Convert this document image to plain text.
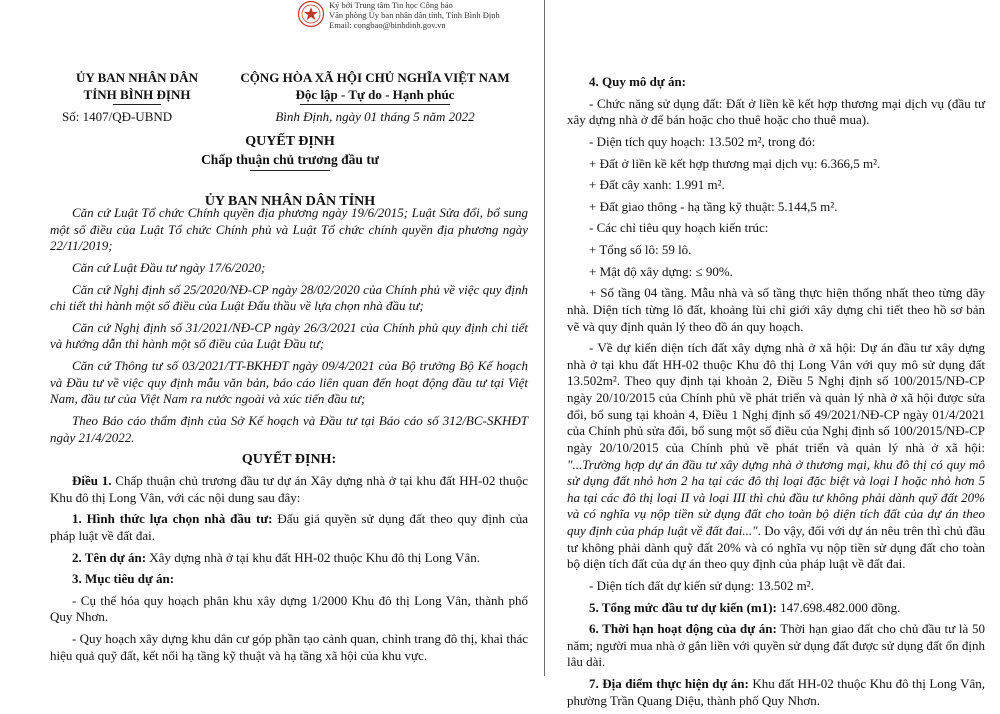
Ký bởi Trung tâm Tin học Công báo
Văn phòng Ủy ban nhân dân tỉnh, Tỉnh Bình Định
Email: congbao@binhdinh.gov.vn
ỦY BAN NHÂN DÂN
TỈNH BÌNH ĐỊNH
Số: 1407/QĐ-UBND
CỘNG HÒA XÃ HỘI CHỦ NGHĨA VIỆT NAM
Độc lập - Tự do - Hạnh phúc
Bình Định, ngày 01 tháng 5 năm 2022
QUYẾT ĐỊNH
Chấp thuận chủ trương đầu tư
ỦY BAN NHÂN DÂN TỈNH

Căn cứ Luật Tổ chức Chính quyền địa phương ngày 19/6/2015; Luật Sửa đổi, bổ sung một số điều của Luật Tổ chức Chính phủ và Luật Tổ chức chính quyền địa phương ngày 22/11/2019;

Căn cứ Luật Đầu tư ngày 17/6/2020;

Căn cứ Nghị định số 25/2020/NĐ-CP ngày 28/02/2020 của Chính phủ về việc quy định chi tiết thi hành một số điều của Luật Đấu thầu về lựa chọn nhà đầu tư;

Căn cứ Nghị định số 31/2021/NĐ-CP ngày 26/3/2021 của Chính phủ quy định chi tiết và hướng dẫn thi hành một số điều của Luật Đầu tư;

Căn cứ Thông tư số 03/2021/TT-BKHĐT ngày 09/4/2021 của Bộ trưởng Bộ Kế hoạch và Đầu tư về việc quy định mẫu văn bản, báo cáo liên quan đến hoạt động đầu tư tại Việt Nam, đầu tư của Việt Nam ra nước ngoài và xúc tiến đầu tư;

Theo Báo cáo thẩm định của Sở Kế hoạch và Đầu tư tại Báo cáo số 312/BC-SKHĐT ngày 21/4/2022.

QUYẾT ĐỊNH:

Điều 1. Chấp thuận chủ trương đầu tư dự án Xây dựng nhà ở tại khu đất HH-02 thuộc Khu đô thị Long Vân, với các nội dung sau đây:

1. Hình thức lựa chọn nhà đầu tư: Đấu giá quyền sử dụng đất theo quy định của pháp luật về đất đai.

2. Tên dự án: Xây dựng nhà ở tại khu đất HH-02 thuộc Khu đô thị Long Vân.

3. Mục tiêu dự án:

- Cụ thể hóa quy hoạch phân khu xây dựng 1/2000 Khu đô thị Long Vân, thành phố Quy Nhơn.

- Quy hoạch xây dựng khu dân cư góp phần tạo cảnh quan, chỉnh trang đô thị, khai thác hiệu quả quỹ đất, kết nối hạ tầng kỹ thuật và hạ tầng xã hội của khu vực.

4. Quy mô dự án:

- Chức năng sử dụng đất: Đất ở liền kề kết hợp thương mại dịch vụ (đầu tư xây dựng nhà ở để bán hoặc cho thuê hoặc cho thuê mua).

- Diện tích quy hoạch: 13.502 m², trong đó:

+ Đất ở liền kề kết hợp thương mại dịch vụ: 6.366,5 m².

+ Đất cây xanh: 1.991 m².

+ Đất giao thông - hạ tầng kỹ thuật: 5.144,5 m².

- Các chỉ tiêu quy hoạch kiến trúc:

+ Tổng số lô: 59 lô.

+ Mật độ xây dựng: ≤ 90%.

+ Số tầng 04 tầng. Mẫu nhà và số tầng thực hiện thống nhất theo từng dãy nhà. Diện tích từng lô đất, khoảng lùi chỉ giới xây dựng chi tiết theo hồ sơ bản vẽ và quy định quản lý theo đồ án quy hoạch.

- Về dự kiến diện tích đất xây dựng nhà ở xã hội: Dự án đầu tư xây dựng nhà ở tại khu đất HH-02 thuộc Khu đô thị Long Vân với quy mô sử dụng đất 13.502m². Theo quy định tại khoản 2, Điều 5 Nghị định số 100/2015/NĐ-CP ngày 20/10/2015 của Chính phủ về phát triển và quản lý nhà ở xã hội được sửa đổi, bổ sung tại khoản 4, Điều 1 Nghị định số 49/2021/NĐ-CP ngày 01/4/2021 của Chính phủ sửa đổi, bổ sung một số điều của Nghị định số 100/2015/NĐ-CP ngày 20/10/2015 của Chính phủ về phát triển và quản lý nhà ở xã hội: "...Trường hợp dự án đầu tư xây dựng nhà ở thương mại, khu đô thị có quy mô sử dụng đất nhỏ hơn 2 ha tại các đô thị loại đặc biệt và loại I hoặc nhỏ hơn 5 ha tại các đô thị loại II và loại III thì chủ đầu tư không phải dành quỹ đất 20% và có nghĩa vụ nộp tiền sử dụng đất cho toàn bộ diện tích đất của dự án theo quy định của pháp luật về đất đai...". Do vậy, đối với dự án nêu trên thì chủ đầu tư không phải dành quỹ đất 20% và có nghĩa vụ nộp tiền sử dụng đất cho toàn bộ diện tích đất của dự án theo quy định của pháp luật về đất đai.

- Diện tích đất dự kiến sử dụng: 13.502 m².

5. Tổng mức đầu tư dự kiến (m1): 147.698.482.000 đồng.

6. Thời hạn hoạt động của dự án: Thời hạn giao đất cho chủ đầu tư là 50 năm; người mua nhà ở gắn liền với quyền sử dụng đất được sử dụng đất ổn định lâu dài.

7. Địa điểm thực hiện dự án: Khu đất HH-02 thuộc Khu đô thị Long Vân, phường Trần Quang Diệu, thành phố Quy Nhơn.
